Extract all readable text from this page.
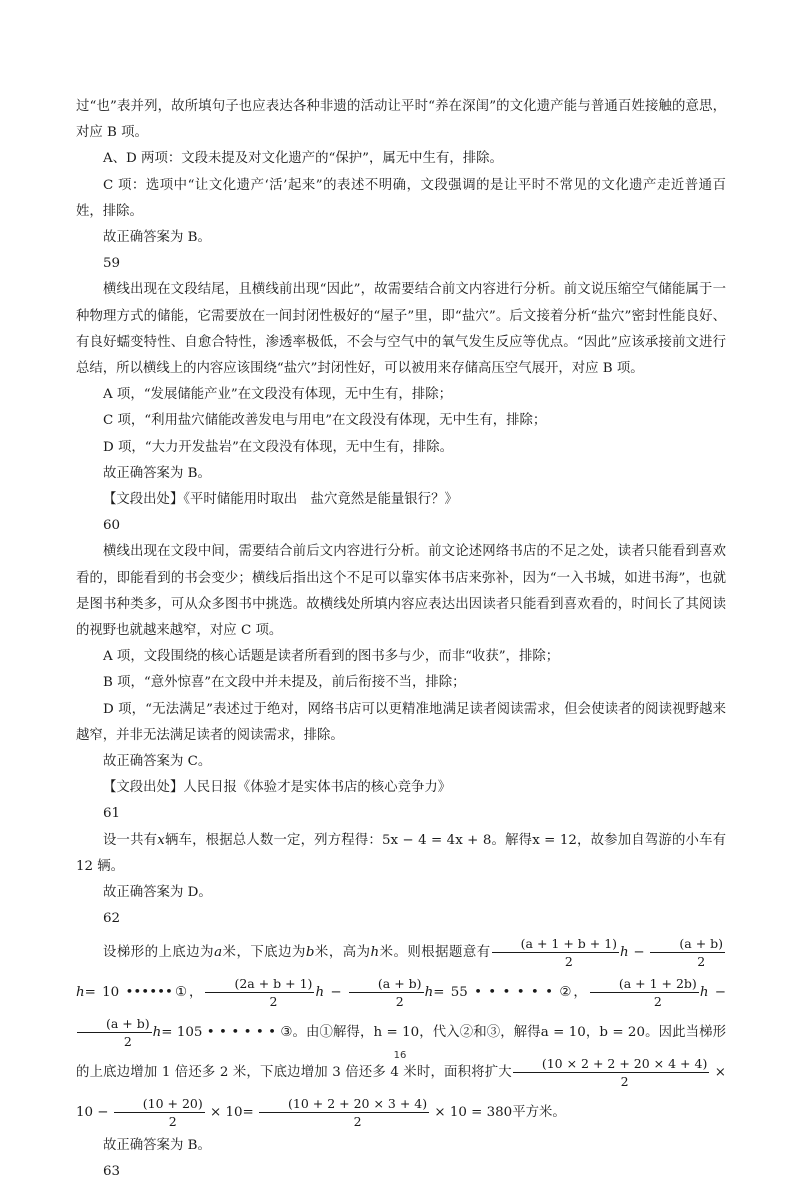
过“也”表并列，故所填句子也应表达各种非遗的活动让平时“养在深闺”的文化遗产能与普通百姓接触的意思，对应 B 项。

A、D 两项：文段未提及对文化遗产的“保护”，属无中生有，排除。

C 项：选项中“让文化遗产‘活’起来”的表述不明确，文段强调的是让平时不常见的文化遗产走近普通百姓，排除。

故正确答案为 B。

59

横线出现在文段结尾，且横线前出现“因此”，故需要结合前文内容进行分析。前文说压缩空气储能属于一种物理方式的储能，它需要放在一间封闭性极好的“屋子”里，即“盐穴”。后文接着分析“盐穴”密封性能良好、有良好蠕变特性、自愈合特性，渗透率极低，不会与空气中的氧气发生反应等优点。“因此”应该承接前文进行总结，所以横线上的内容应该围绕“盐穴”封闭性好，可以被用来存储高压空气展开，对应 B 项。

A 项，“发展储能产业”在文段没有体现，无中生有，排除；

C 项，“利用盐穴储能改善发电与用电”在文段没有体现，无中生有，排除；

D 项，“大力开发盐岩”在文段没有体现，无中生有，排除。

故正确答案为 B。

【文段出处】《平时储能用时取出　盐穴竟然是能量银行？》

60

横线出现在文段中间，需要结合前后文内容进行分析。前文论述网络书店的不足之处，读者只能看到喜欢看的，即能看到的书会变少；横线后指出这个不足可以靠实体书店来弥补，因为“一入书城，如进书海”，也就是图书种类多，可从众多图书中挑选。故横线处所填内容应表达出因读者只能看到喜欢看的，时间长了其阅读的视野也就越来越窄，对应 C 项。

A 项，文段围绕的核心话题是读者所看到的图书多与少，而非“收获”，排除；

B 项，“意外惊喜”在文段中并未提及，前后衔接不当，排除；

D 项，“无法满足”表述过于绝对，网络书店可以更精准地满足读者阅读需求，但会使读者的阅读视野越来越窄，并非无法满足读者的阅读需求，排除。

故正确答案为 C。

【文段出处】人民日报《体验才是实体书店的核心竞争力》

61

设一共有x辆车，根据总人数一定，列方程得：5x − 4 = 4x + 8。解得x = 12，故参加自驾游的小车有 12 辆。

故正确答案为 D。

62

设梯形的上底边为a米，下底边为b米，高为h米。则根据题意有 $\frac{(a + 1 + b + 1)}{2}$ $h - \frac{(a + b)}{2}$
h= 10 ••••••①， $\frac{(2a + b + 1)}{2}$ $h - \frac{(a + b)}{2} h= 55$ • • • • • • ②， $\frac{(a + 1 + 2b)}{2}$ h −
$\frac{(a + b)}{2} h= 105$ • • • • • • ③。由①解得，h = 10，代入②和③，解得a = 10，b = 20。因此当梯形的上底边增加 1 倍还多 2 米，下底边增加 3 倍还多 4 米时，面积将扩大 $\frac{(10 \times 2 + 2 + 20 \times 4 + 4)}{2} \times 10 - \frac{(10 + 20)}{2} \times 10= \frac{(10 + 2 + 20 \times 3 + 4)}{2} \times 10 = 380$平方米。

故正确答案为 B。

63

16
